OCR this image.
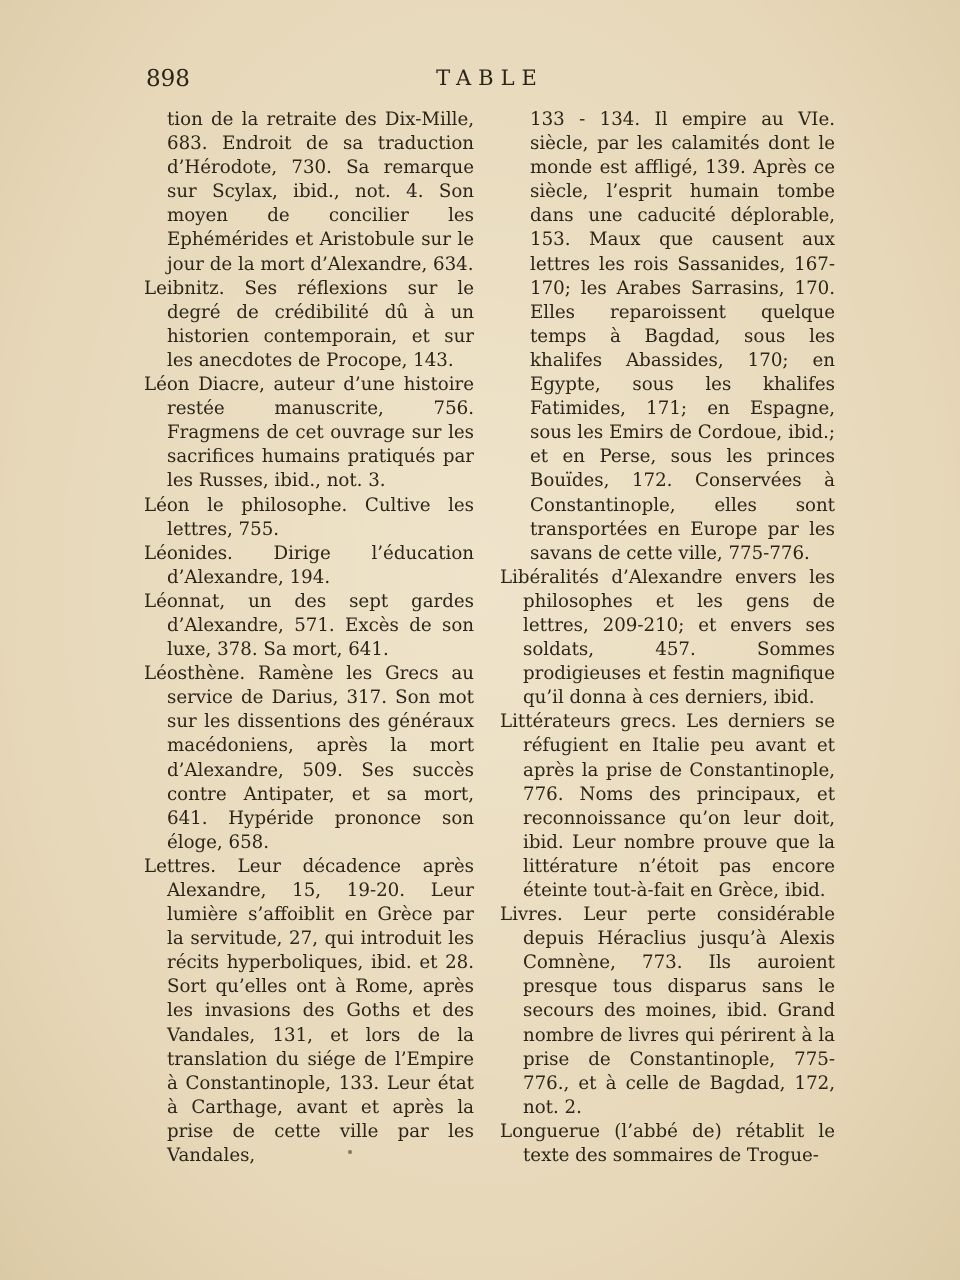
898	TABLE

tion de la retraite des Dix-Mille, 683. Endroit de sa traduction d’Hérodote, 730. Sa remarque sur Scylax, ibid., not. 4. Son moyen de concilier les Ephémérides et Aristobule sur le jour de la mort d’Alexandre, 634.

Leibnitz. Ses réflexions sur le degré de crédibilité dû à un historien contemporain, et sur les anecdotes de Procope, 143.

Léon Diacre, auteur d’une histoire restée manuscrite, 756. Fragmens de cet ouvrage sur les sacrifices humains pratiqués par les Russes, ibid., not. 3.

Léon le philosophe. Cultive les lettres, 755.

Léonides. Dirige l’éducation d’Alexandre, 194.

Léonnat, un des sept gardes d’Alexandre, 571. Excès de son luxe, 378. Sa mort, 641.

Léosthène. Ramène les Grecs au service de Darius, 317. Son mot sur les dissentions des généraux macédoniens, après la mort d’Alexandre, 509. Ses succès contre Antipater, et sa mort, 641. Hypéride prononce son éloge, 658.

Lettres. Leur décadence après Alexandre, 15, 19-20. Leur lumière s’affoiblit en Grèce par la servitude, 27, qui introduit les récits hyperboliques, ibid. et 28. Sort qu’elles ont à Rome, après les invasions des Goths et des Vandales, 131, et lors de la translation du siége de l’Empire à Constantinople, 133. Leur état à Carthage, avant et après la prise de cette ville par les Vandales,

133 - 134. Il empire au VIe. siècle, par les calamités dont le monde est affligé, 139. Après ce siècle, l’esprit humain tombe dans une caducité déplorable, 153. Maux que causent aux lettres les rois Sassanides, 167-170; les Arabes Sarrasins, 170. Elles reparoissent quelque temps à Bagdad, sous les khalifes Abassides, 170; en Egypte, sous les khalifes Fatimides, 171; en Espagne, sous les Emirs de Cordoue, ibid.; et en Perse, sous les princes Bouïdes, 172. Conservées à Constantinople, elles sont transportées en Europe par les savans de cette ville, 775-776.

Libéralités d’Alexandre envers les philosophes et les gens de lettres, 209-210; et envers ses soldats, 457. Sommes prodigieuses et festin magnifique qu’il donna à ces derniers, ibid.

Littérateurs grecs. Les derniers se réfugient en Italie peu avant et après la prise de Constantinople, 776. Noms des principaux, et reconnoissance qu’on leur doit, ibid. Leur nombre prouve que la littérature n’étoit pas encore éteinte tout-à-fait en Grèce, ibid.

Livres. Leur perte considérable depuis Héraclius jusqu’à Alexis Comnène, 773. Ils auroient presque tous disparus sans le secours des moines, ibid. Grand nombre de livres qui périrent à la prise de Constantinople, 775-776., et à celle de Bagdad, 172, not. 2.

Longuerue (l’abbé de) rétablit le texte des sommaires de Trogue-
